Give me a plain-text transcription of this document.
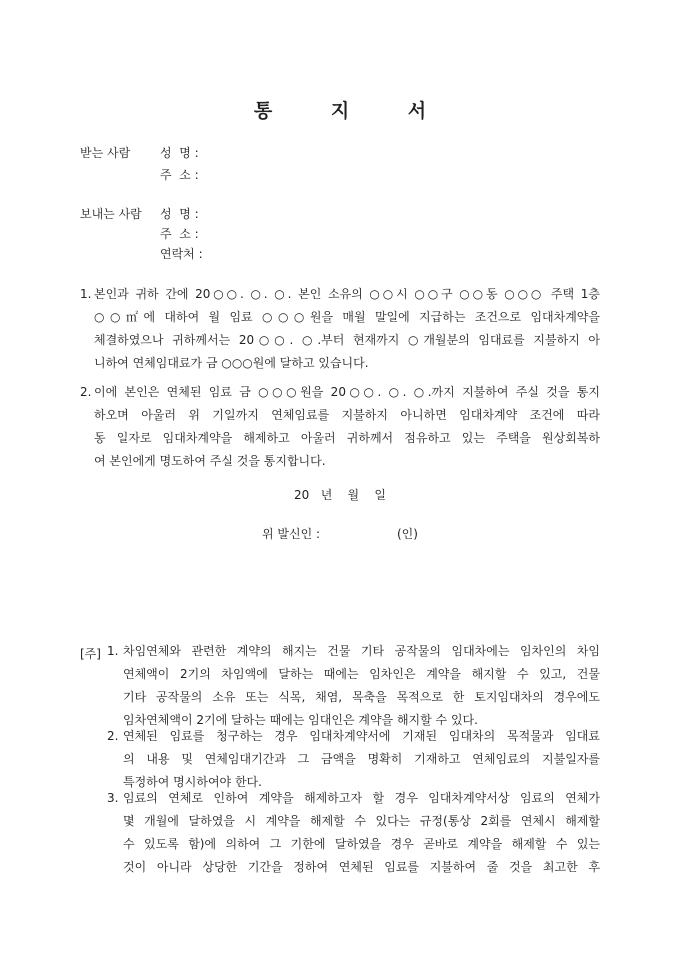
통 지 서
받는 사람 성  명 :
주  소 :
보내는 사람 성  명 :
주  소 :
연락처 :
1. 본인과 귀하 간에 20○○. ○. ○. 본인 소유의 ○○시 ○○구 ○○동 ○○○ 주택 1층
○○㎡에 대하여 월 임료 ○○○원을 매월 말일에 지급하는 조건으로 임대차계약을
체결하였으나 귀하께서는 20○○. ○.부터 현재까지 ○개월분의 임대료를 지불하지 아
니하여 연체임대료가 금 ○○○원에 달하고 있습니다.
2. 이에 본인은 연체된 임료 금 ○○○원을 20○○. ○. ○.까지 지불하여 주실 것을 통지
하오며 아울러 위 기일까지 연체임료를 지불하지 아니하면 임대차계약 조건에 따라
동 일자로 임대차계약을 해제하고 아울러 귀하께서 점유하고 있는 주택을 원상회복하
여 본인에게 명도하여 주실 것을 통지합니다.
20   년    월    일
위 발신인 :	(인)
[주] 1. 차임연체와 관련한 계약의 해지는 건물 기타 공작물의 임대차에는 임차인의 차임
연체액이 2기의 차임액에 달하는 때에는 임차인은 계약을 해지할 수 있고, 건물
기타 공작물의 소유 또는 식목, 채염, 목축을 목적으로 한 토지임대차의 경우에도
임차연체액이 2기에 달하는 때에는 임대인은 계약을 해지할 수 있다.
2. 연체된 임료를 청구하는 경우 임대차계약서에 기재된 임대차의 목적물과 임대료
의 내용 및 연체임대기간과 그 금액을 명확히 기재하고 연체임료의 지불일자를
특정하여 명시하여야 한다.
3. 임료의 연체로 인하여 계약을 해제하고자 할 경우 임대차계약서상 임료의 연체가
몇 개월에 달하였을 시 계약을 해제할 수 있다는 규정(통상 2회를 연체시 해제할
수 있도록 함)에 의하여 그 기한에 달하였을 경우 곧바로 계약을 해제할 수 있는
것이 아니라 상당한 기간을 정하여 연체된 임료를 지불하여 줄 것을 최고한 후
